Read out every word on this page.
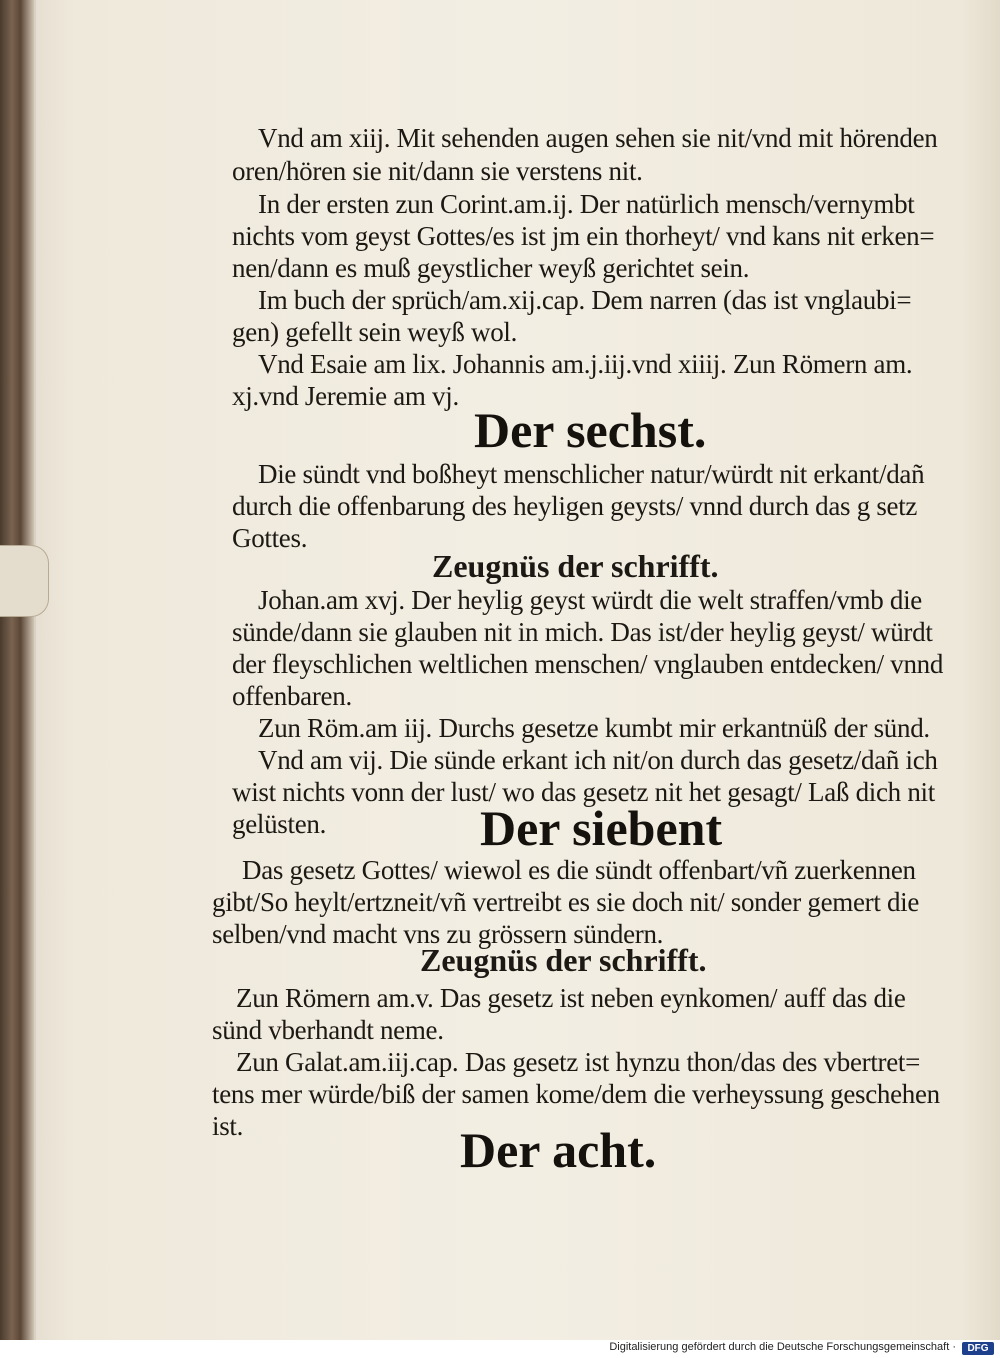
Vnd am xiij. Mit sehenden augen sehen sie nit/vnd mit hörenden
oren/hören sie nit/dann sie verstens nit.
In der ersten zun Corint.am.ij. Der natürlich mensch/vernymbt
nichts vom geyst Gottes/es ist jm ein thorheyt/ vnd kans nit erken=
nen/dann es muß geystlicher weyß gerichtet sein.
Im buch der sprüch/am.xij.cap. Dem narren (das ist vnglaubi=
gen) gefellt sein weyß wol.
Vnd Esaie am lix. Johannis am.j.iij.vnd xiiij. Zun Römern am.
xj.vnd Jeremie am vj.
Der sechst.
Die sündt vnd boßheyt menschlicher natur/würdt nit erkant/dañ
durch die offenbarung des heyligen geysts/ vnnd durch das g setz
Gottes.
Zeugnüs der schrifft.
Johan.am xvj. Der heylig geyst würdt die welt straffen/vmb die
sünde/dann sie glauben nit in mich. Das ist/der heylig geyst/ würdt
der fleyschlichen weltlichen menschen/ vnglauben entdecken/ vnnd
offenbaren.
Zun Röm.am iij. Durchs gesetze kumbt mir erkantnüß der sünd.
Vnd am vij. Die sünde erkant ich nit/on durch das gesetz/dañ ich
wist nichts vonn der lust/ wo das gesetz nit het gesagt/ Laß dich nit
gelüsten.	Der siebent
Das gesetz Gottes/ wiewol es die sündt offenbart/vñ zuerkennen
gibt/So heylt/ertzneit/vñ vertreibt es sie doch nit/ sonder gemert die
selben/vnd macht vns zu grössern sündern.
Zeugnüs der schrifft.
Zun Römern am.v. Das gesetz ist neben eynkomen/ auff das die
sünd vberhandt neme.
Zun Galat.am.iij.cap. Das gesetz ist hynzu thon/das des vbertret=
tens mer würde/biß der samen kome/dem die verheyssung geschehen
ist.	Der acht.
Digitalisierung gefördert durch die Deutsche Forschungsgemeinschaft ·	DFG
